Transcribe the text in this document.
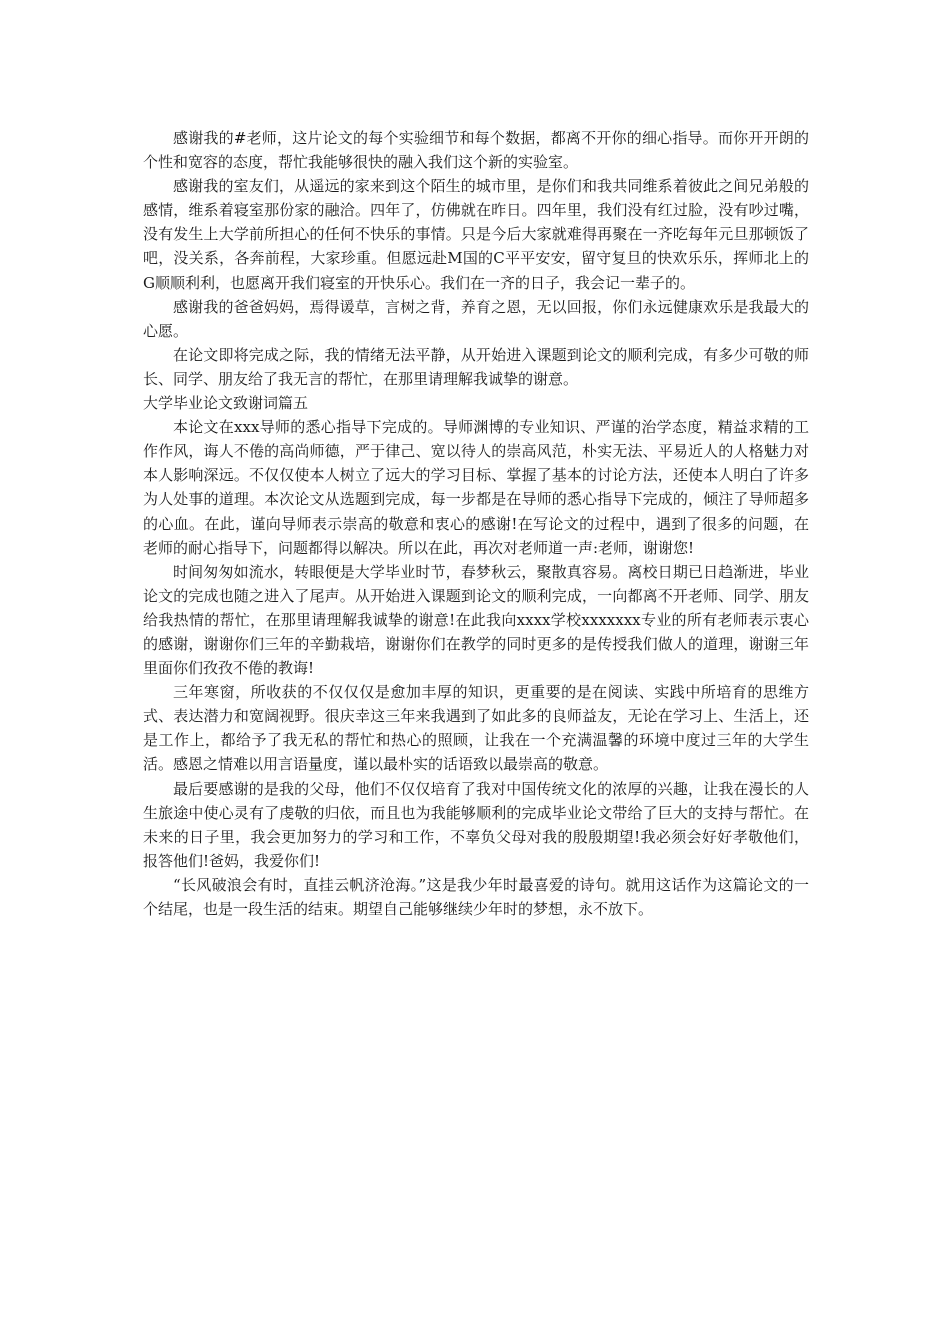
感谢我的#老师，这片论文的每个实验细节和每个数据，都离不开你的细心指导。而你开开朗的个性和宽容的态度，帮忙我能够很快的融入我们这个新的实验室。

感谢我的室友们，从遥远的家来到这个陌生的城市里，是你们和我共同维系着彼此之间兄弟般的感情，维系着寝室那份家的融洽。四年了，仿佛就在昨日。四年里，我们没有红过脸，没有吵过嘴，没有发生上大学前所担心的任何不快乐的事情。只是今后大家就难得再聚在一齐吃每年元旦那顿饭了吧，没关系，各奔前程，大家珍重。但愿远赴M国的C平平安安，留守复旦的快欢乐乐，挥师北上的G顺顺利利，也愿离开我们寝室的开快乐心。我们在一齐的日子，我会记一辈子的。

感谢我的爸爸妈妈，焉得谖草，言树之背，养育之恩，无以回报，你们永远健康欢乐是我最大的心愿。

在论文即将完成之际，我的情绪无法平静，从开始进入课题到论文的顺利完成，有多少可敬的师长、同学、朋友给了我无言的帮忙，在那里请理解我诚挚的谢意。

大学毕业论文致谢词篇五

本论文在xxx导师的悉心指导下完成的。导师渊博的专业知识、严谨的治学态度，精益求精的工作作风，诲人不倦的高尚师德，严于律己、宽以待人的崇高风范，朴实无法、平易近人的人格魅力对本人影响深远。不仅仅使本人树立了远大的学习目标、掌握了基本的讨论方法，还使本人明白了许多为人处事的道理。本次论文从选题到完成，每一步都是在导师的悉心指导下完成的，倾注了导师超多的心血。在此，谨向导师表示崇高的敬意和衷心的感谢!在写论文的过程中，遇到了很多的问题，在老师的耐心指导下，问题都得以解决。所以在此，再次对老师道一声:老师，谢谢您!

时间匆匆如流水，转眼便是大学毕业时节，春梦秋云，聚散真容易。离校日期已日趋渐进，毕业论文的完成也随之进入了尾声。从开始进入课题到论文的顺利完成，一向都离不开老师、同学、朋友给我热情的帮忙，在那里请理解我诚挚的谢意!在此我向xxxx学校xxxxxxx专业的所有老师表示衷心的感谢，谢谢你们三年的辛勤栽培，谢谢你们在教学的同时更多的是传授我们做人的道理，谢谢三年里面你们孜孜不倦的教诲!

三年寒窗，所收获的不仅仅仅是愈加丰厚的知识，更重要的是在阅读、实践中所培育的思维方式、表达潜力和宽阔视野。很庆幸这三年来我遇到了如此多的良师益友，无论在学习上、生活上，还是工作上，都给予了我无私的帮忙和热心的照顾，让我在一个充满温馨的环境中度过三年的大学生活。感恩之情难以用言语量度，谨以最朴实的话语致以最崇高的敬意。

最后要感谢的是我的父母，他们不仅仅培育了我对中国传统文化的浓厚的兴趣，让我在漫长的人生旅途中使心灵有了虔敬的归依，而且也为我能够顺利的完成毕业论文带给了巨大的支持与帮忙。在未来的日子里，我会更加努力的学习和工作，不辜负父母对我的殷殷期望!我必须会好好孝敬他们，报答他们!爸妈，我爱你们!

“长风破浪会有时，直挂云帆济沧海。”这是我少年时最喜爱的诗句。就用这话作为这篇论文的一个结尾，也是一段生活的结束。期望自己能够继续少年时的梦想，永不放下。
